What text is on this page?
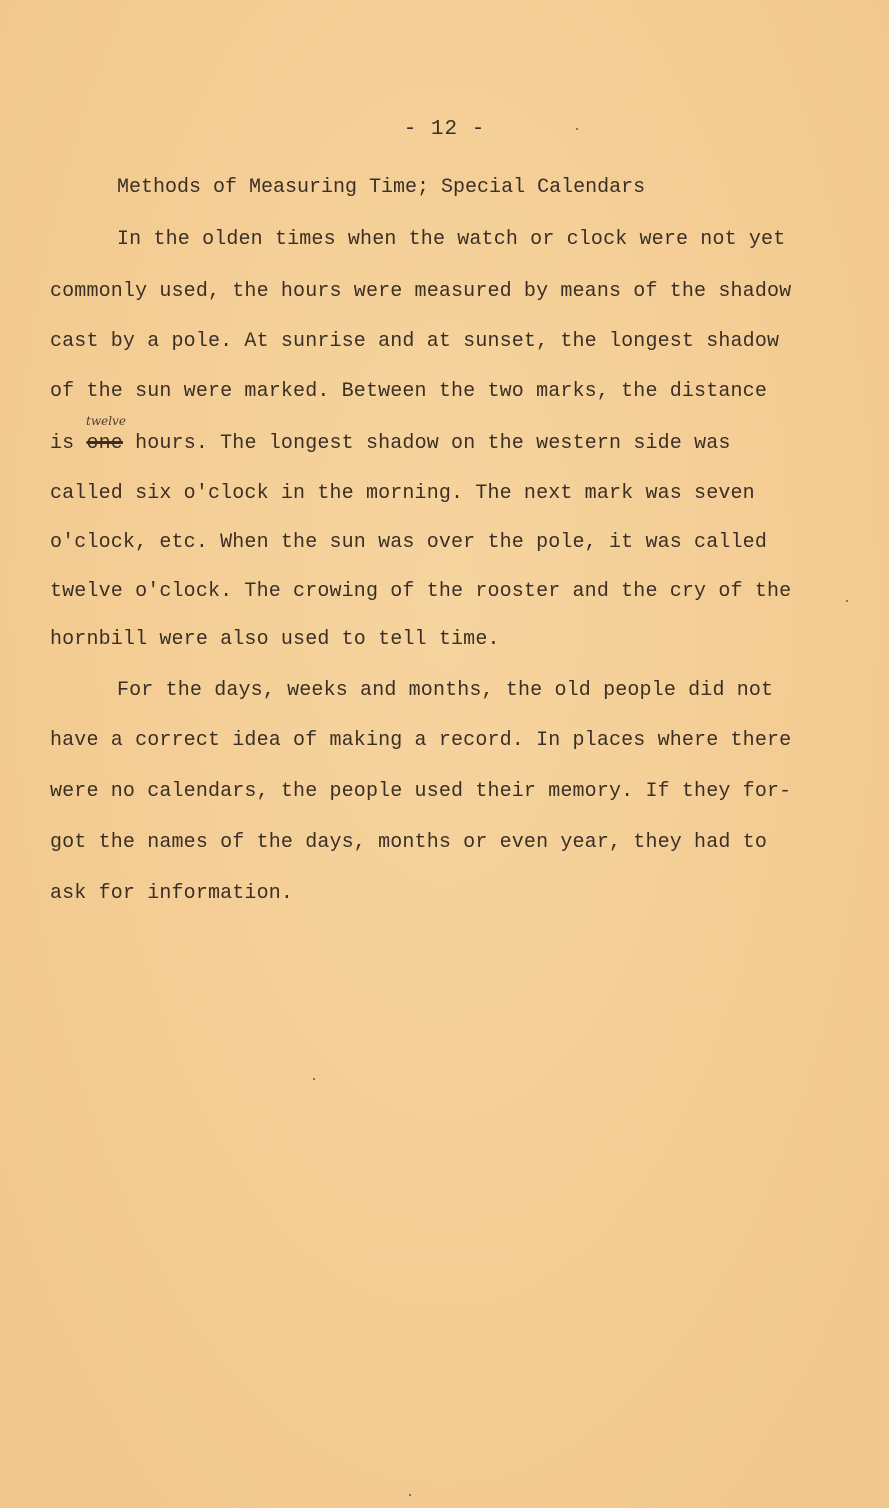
- 12 -
Methods of Measuring Time; Special Calendars
In the olden times when the watch or clock were not yet
commonly used, the hours were measured by means of the shadow
cast by a pole. At sunrise and at sunset, the longest shadow
of the sun were marked. Between the two marks, the distance
twelve
is one hours. The longest shadow on the western side was
called six o'clock in the morning. The next mark was seven
o'clock, etc. When the sun was over the pole, it was called
twelve o'clock. The crowing of the rooster and the cry of the
hornbill were also used to tell time.
For the days, weeks and months, the old people did not
have a correct idea of making a record. In places where there
were no calendars, the people used their memory. If they for-
got the names of the days, months or even year, they had to
ask for information.
